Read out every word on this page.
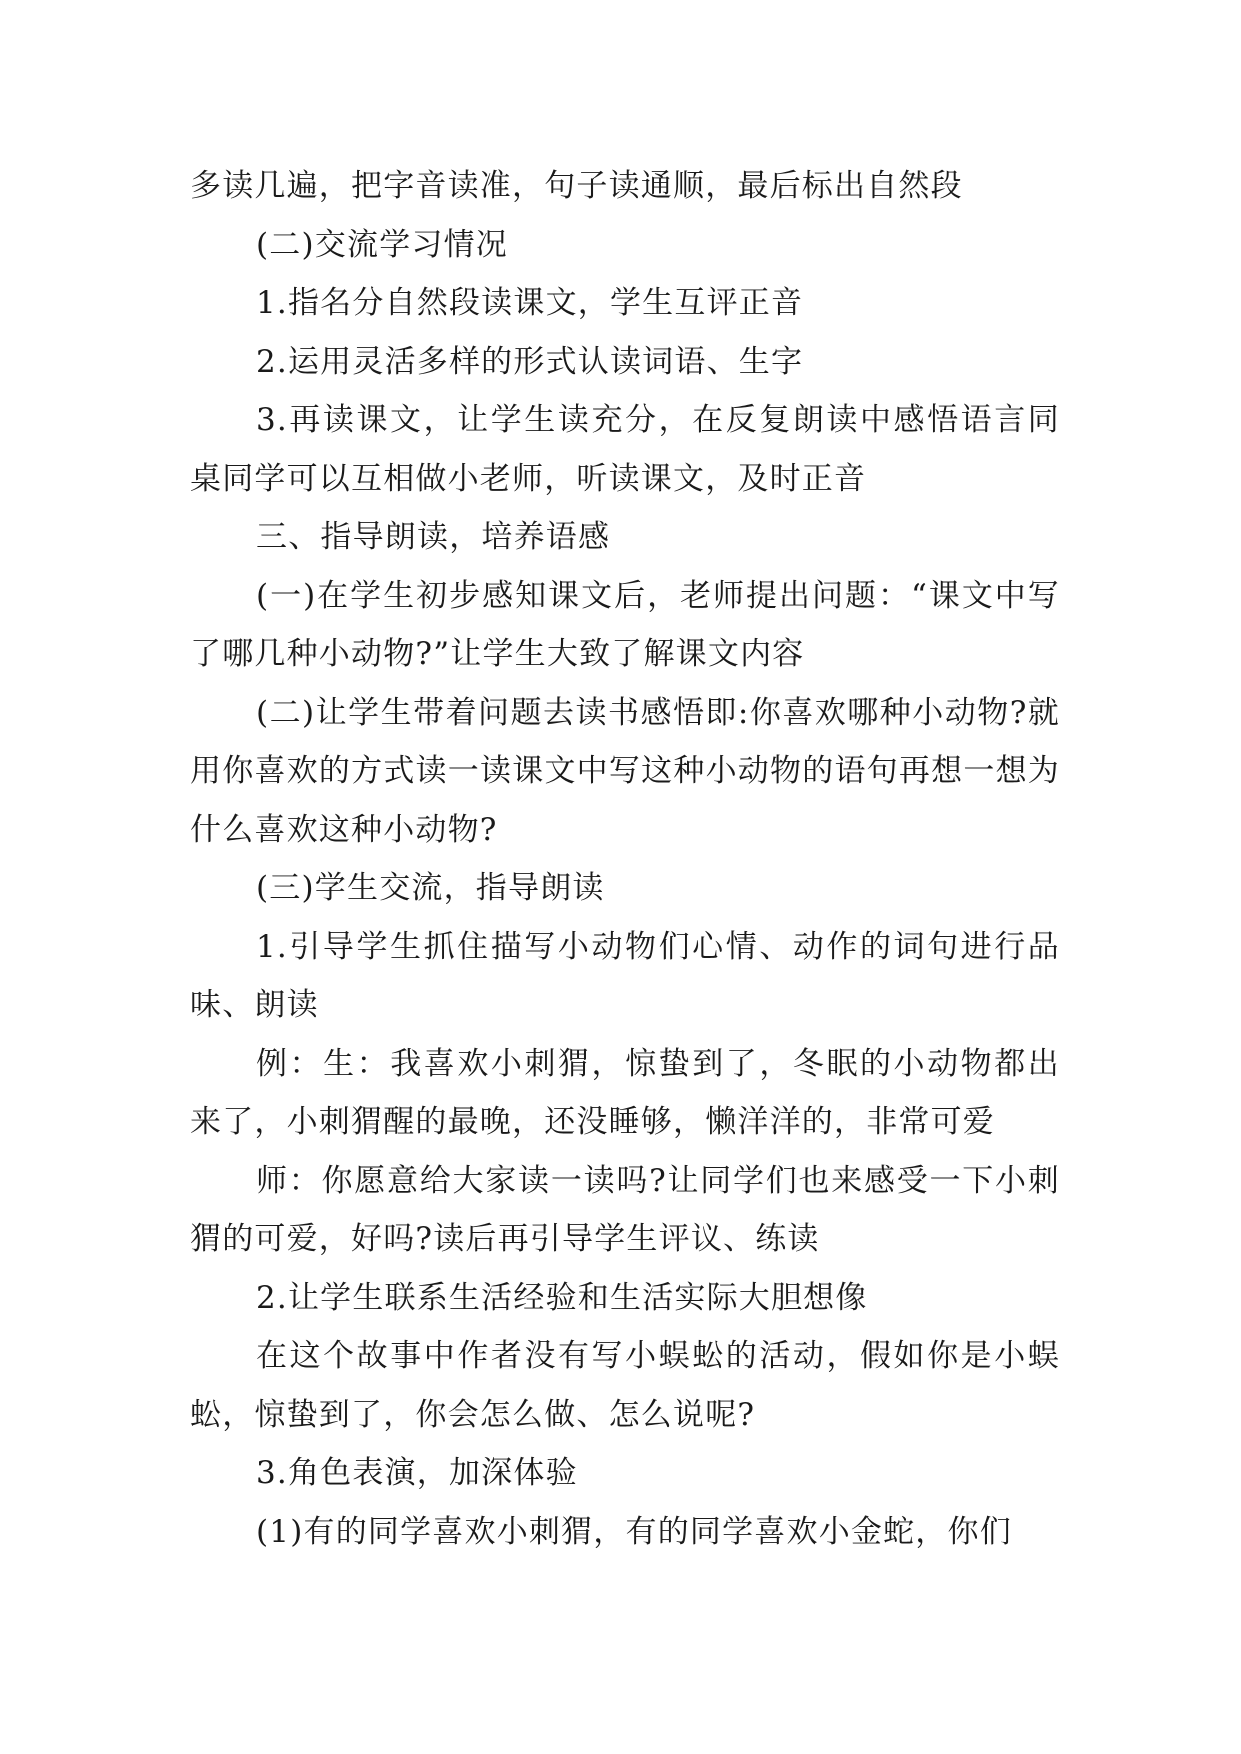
多读几遍，把字音读准，句子读通顺，最后标出自然段

(二)交流学习情况

1.指名分自然段读课文，学生互评正音

2.运用灵活多样的形式认读词语、生字

3.再读课文，让学生读充分，在反复朗读中感悟语言同桌同学可以互相做小老师，听读课文，及时正音

三、指导朗读，培养语感

(一)在学生初步感知课文后，老师提出问题：“课文中写了哪几种小动物?”让学生大致了解课文内容

(二)让学生带着问题去读书感悟即:你喜欢哪种小动物?就用你喜欢的方式读一读课文中写这种小动物的语句再想一想为什么喜欢这种小动物?

(三)学生交流，指导朗读

1.引导学生抓住描写小动物们心情、动作的词句进行品味、朗读

例：生：我喜欢小刺猬，惊蛰到了，冬眠的小动物都出来了，小刺猬醒的最晚，还没睡够，懒洋洋的，非常可爱

师：你愿意给大家读一读吗?让同学们也来感受一下小刺猬的可爱，好吗?读后再引导学生评议、练读

2.让学生联系生活经验和生活实际大胆想像

在这个故事中作者没有写小蜈蚣的活动，假如你是小蜈蚣，惊蛰到了，你会怎么做、怎么说呢?

3.角色表演，加深体验

(1)有的同学喜欢小刺猬，有的同学喜欢小金蛇，你们
